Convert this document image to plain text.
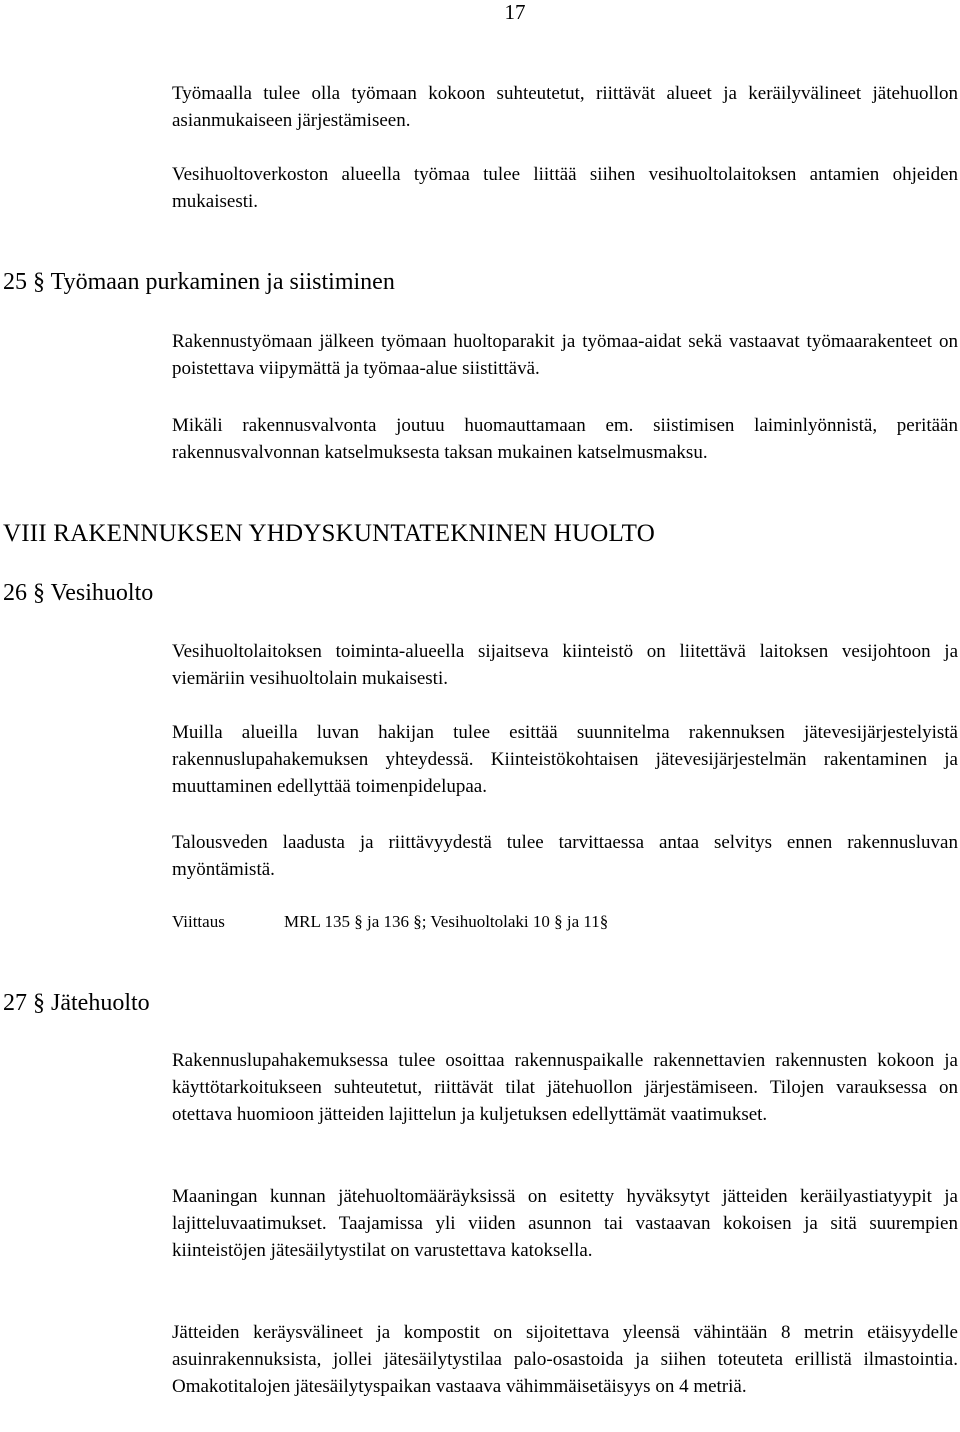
17

Työmaalla tulee olla työmaan kokoon suhteutetut, riittävät alueet ja keräilyvälineet jätehuollon asianmukaiseen järjestämiseen.

Vesihuoltoverkoston alueella työmaa tulee liittää siihen vesihuoltolaitoksen antamien ohjeiden mukaisesti.

25 § Työmaan purkaminen ja siistiminen

Rakennustyömaan jälkeen työmaan huoltoparakit ja työmaa-aidat sekä vastaavat työmaarakenteet on poistettava viipymättä ja työmaa-alue siistittävä.

Mikäli rakennusvalvonta joutuu huomauttamaan em. siistimisen laiminlyönnistä, peritään rakennusvalvonnan katselmuksesta taksan mukainen katselmusmaksu.

VIII RAKENNUKSEN YHDYSKUNTATEKNINEN HUOLTO
26 § Vesihuolto

Vesihuoltolaitoksen toiminta-alueella sijaitseva kiinteistö on liitettävä laitoksen vesijohtoon ja viemäriin vesihuoltolain mukaisesti.

Muilla alueilla luvan hakijan tulee esittää suunnitelma rakennuksen jätevesijärjestelyistä rakennuslupahakemuksen yhteydessä. Kiinteistökohtaisen jätevesijärjestelmän rakentaminen ja muuttaminen edellyttää toimenpidelupaa.

Talousveden laadusta ja riittävyydestä tulee tarvittaessa antaa selvitys ennen rakennusluvan myöntämistä.

Viittaus	MRL 135 § ja 136 §; Vesihuoltolaki 10 § ja 11§
27 § Jätehuolto

Rakennuslupahakemuksessa tulee osoittaa rakennuspaikalle rakennettavien rakennusten kokoon ja käyttötarkoitukseen suhteutetut, riittävät tilat jätehuollon järjestämiseen. Tilojen varauksessa on otettava huomioon jätteiden lajittelun ja kuljetuksen edellyttämät vaatimukset.

Maaningan kunnan jätehuoltomääräyksissä on esitetty hyväksytyt jätteiden keräilyastiatyypit ja lajitteluvaatimukset. Taajamissa yli viiden asunnon tai vastaavan kokoisen ja sitä suurempien kiinteistöjen jätesäilytystilat on varustettava katoksella.

Jätteiden keräysvälineet ja kompostit on sijoitettava yleensä vähintään 8 metrin etäisyydelle asuinrakennuksista, jollei jätesäilytystilaa palo-osastoida ja siihen toteuteta erillistä ilmastointia. Omakotitalojen jätesäilytyspaikan vastaava vähimmäisetäisyys on 4 metriä.
